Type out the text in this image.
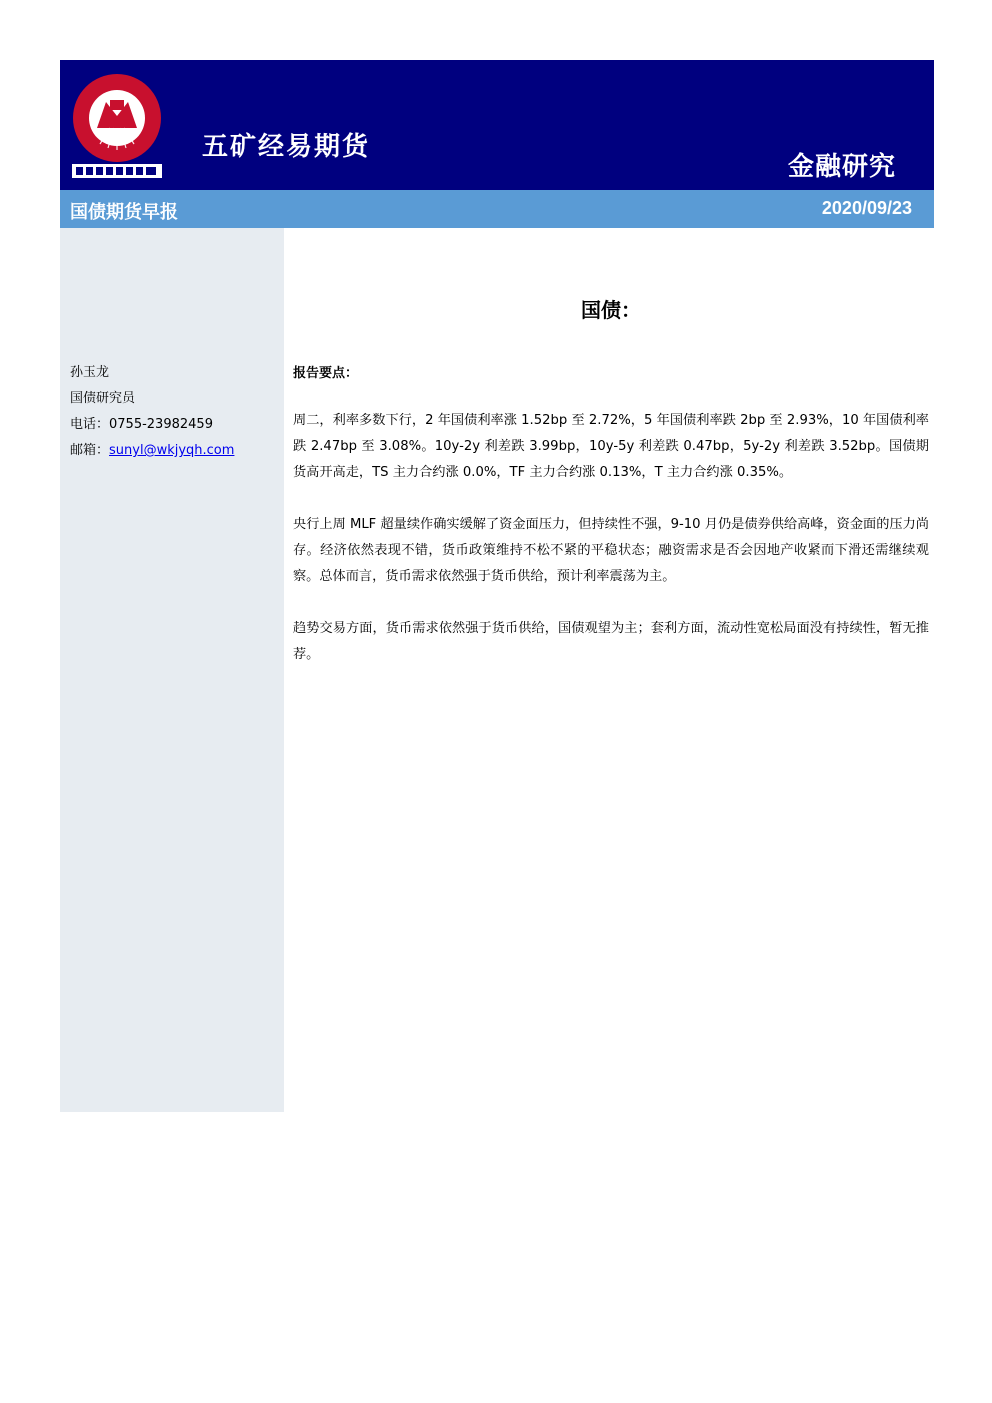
五矿经易期货
金融研究
国债期货早报	2020/09/23
孙玉龙
国债研究员
电话：0755-23982459
邮箱：sunyl@wkjyqh.com
国债：
报告要点：

周二，利率多数下行，2 年国债利率涨 1.52bp 至 2.72%，5 年国债利率跌 2bp 至 2.93%，10 年国债利率跌 2.47bp 至 3.08%。10y-2y 利差跌 3.99bp，10y-5y 利差跌 0.47bp，5y-2y 利差跌 3.52bp。国债期货高开高走，TS 主力合约涨 0.0%，TF 主力合约涨 0.13%，T 主力合约涨 0.35%。

央行上周 MLF 超量续作确实缓解了资金面压力，但持续性不强，9-10 月仍是债券供给高峰，资金面的压力尚存。经济依然表现不错，货币政策维持不松不紧的平稳状态；融资需求是否会因地产收紧而下滑还需继续观察。总体而言，货币需求依然强于货币供给，预计利率震荡为主。

趋势交易方面，货币需求依然强于货币供给，国债观望为主；套利方面，流动性宽松局面没有持续性，暂无推荐。
